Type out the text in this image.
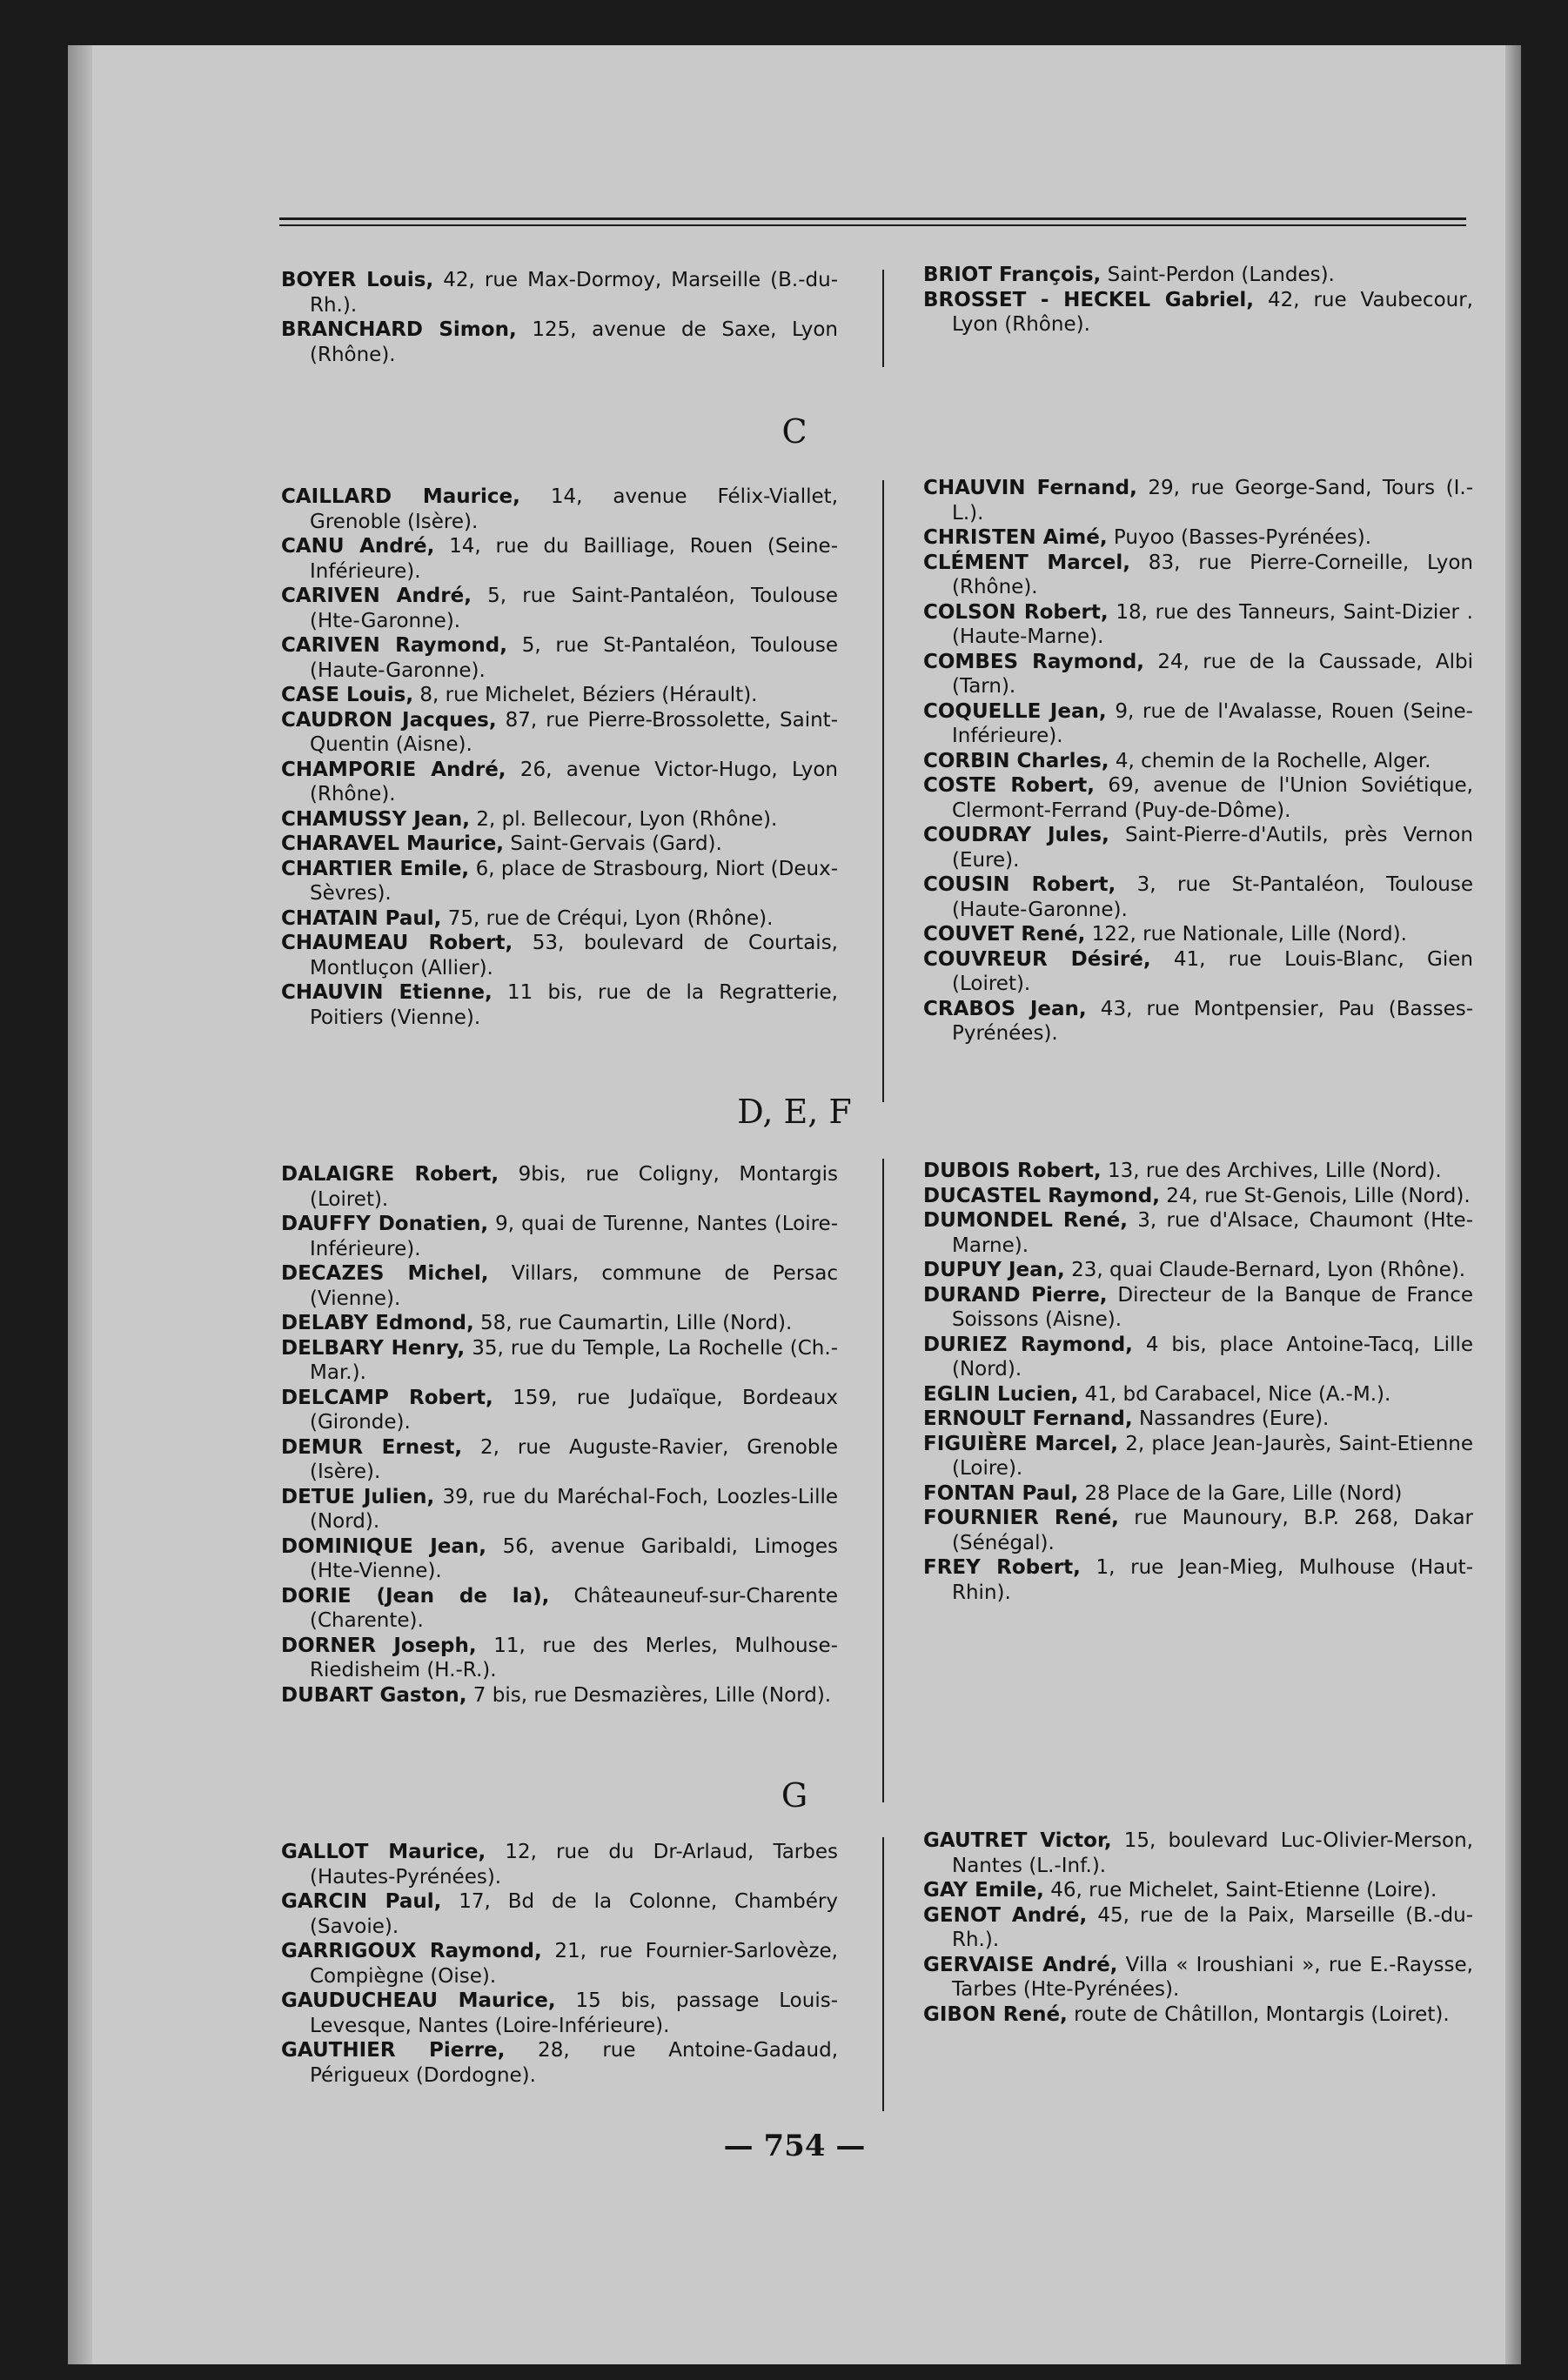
BOYER Louis, 42, rue Max-Dormoy, Marseille (B.-du-Rh.).

BRANCHARD Simon, 125, avenue de Saxe, Lyon (Rhône).

BRIOT François, Saint-Perdon (Landes).

BROSSET - HECKEL Gabriel, 42, rue Vaubecour, Lyon (Rhône).

C

CAILLARD Maurice, 14, avenue Félix-Viallet, Grenoble (Isère).

CANU André, 14, rue du Bailliage, Rouen (Seine-Inférieure).

CARIVEN André, 5, rue Saint-Pantaléon, Toulouse (Hte-Garonne).

CARIVEN Raymond, 5, rue St-Pantaléon, Toulouse (Haute-Garonne).

CASE Louis, 8, rue Michelet, Béziers (Hérault).

CAUDRON Jacques, 87, rue Pierre-Brossolette, Saint-Quentin (Aisne).

CHAMPORIE André, 26, avenue Victor-Hugo, Lyon (Rhône).

CHAMUSSY Jean, 2, pl. Bellecour, Lyon (Rhône).

CHARAVEL Maurice, Saint-Gervais (Gard).

CHARTIER Emile, 6, place de Strasbourg, Niort (Deux-Sèvres).

CHATAIN Paul, 75, rue de Créqui, Lyon (Rhône).

CHAUMEAU Robert, 53, boulevard de Courtais, Montluçon (Allier).

CHAUVIN Etienne, 11 bis, rue de la Regratterie, Poitiers (Vienne).

CHAUVIN Fernand, 29, rue George-Sand, Tours (I.-L.).

CHRISTEN Aimé, Puyoo (Basses-Pyrénées).

CLÉMENT Marcel, 83, rue Pierre-Corneille, Lyon (Rhône).

COLSON Robert, 18, rue des Tanneurs, Saint-Dizier . (Haute-Marne).

COMBES Raymond, 24, rue de la Caussade, Albi (Tarn).

COQUELLE Jean, 9, rue de l'Avalasse, Rouen (Seine-Inférieure).

CORBIN Charles, 4, chemin de la Rochelle, Alger.

COSTE Robert, 69, avenue de l'Union Soviétique, Clermont-Ferrand (Puy-de-Dôme).

COUDRAY Jules, Saint-Pierre-d'Autils, près Vernon (Eure).

COUSIN Robert, 3, rue St-Pantaléon, Toulouse (Haute-Garonne).

COUVET René, 122, rue Nationale, Lille (Nord).

COUVREUR Désiré, 41, rue Louis-Blanc, Gien (Loiret).

CRABOS Jean, 43, rue Montpensier, Pau (Basses-Pyrénées).

D, E, F

DALAIGRE Robert, 9bis, rue Coligny, Montargis (Loiret).

DAUFFY Donatien, 9, quai de Turenne, Nantes (Loire-Inférieure).

DECAZES Michel, Villars, commune de Persac (Vienne).

DELABY Edmond, 58, rue Caumartin, Lille (Nord).

DELBARY Henry, 35, rue du Temple, La Rochelle (Ch.-Mar.).

DELCAMP Robert, 159, rue Judaïque, Bordeaux (Gironde).

DEMUR Ernest, 2, rue Auguste-Ravier, Grenoble (Isère).

DETUE Julien, 39, rue du Maréchal-Foch, Loozles-Lille (Nord).

DOMINIQUE Jean, 56, avenue Garibaldi, Limoges (Hte-Vienne).

DORIE (Jean de la), Châteauneuf-sur-Charente (Charente).

DORNER Joseph, 11, rue des Merles, Mulhouse-Riedisheim (H.-R.).

DUBART Gaston, 7 bis, rue Desmazières, Lille (Nord).

DUBOIS Robert, 13, rue des Archives, Lille (Nord).

DUCASTEL Raymond, 24, rue St-Genois, Lille (Nord).

DUMONDEL René, 3, rue d'Alsace, Chaumont (Hte-Marne).

DUPUY Jean, 23, quai Claude-Bernard, Lyon (Rhône).

DURAND Pierre, Directeur de la Banque de France Soissons (Aisne).

DURIEZ Raymond, 4 bis, place Antoine-Tacq, Lille (Nord).

EGLIN Lucien, 41, bd Carabacel, Nice (A.-M.).

ERNOULT Fernand, Nassandres (Eure).

FIGUIÈRE Marcel, 2, place Jean-Jaurès, Saint-Etienne (Loire).

FONTAN Paul, 28 Place de la Gare, Lille (Nord)

FOURNIER René, rue Maunoury, B.P. 268, Dakar (Sénégal).

FREY Robert, 1, rue Jean-Mieg, Mulhouse (Haut-Rhin).

G

GALLOT Maurice, 12, rue du Dr-Arlaud, Tarbes (Hautes-Pyrénées).

GARCIN Paul, 17, Bd de la Colonne, Chambéry (Savoie).

GARRIGOUX Raymond, 21, rue Fournier-Sarlovèze, Compiègne (Oise).

GAUDUCHEAU Maurice, 15 bis, passage Louis-Levesque, Nantes (Loire-Inférieure).

GAUTHIER Pierre, 28, rue Antoine-Gadaud, Périgueux (Dordogne).

GAUTRET Victor, 15, boulevard Luc-Olivier-Merson, Nantes (L.-Inf.).

GAY Emile, 46, rue Michelet, Saint-Etienne (Loire).

GENOT André, 45, rue de la Paix, Marseille (B.-du-Rh.).

GERVAISE André, Villa « Iroushiani », rue E.-Raysse, Tarbes (Hte-Pyrénées).

GIBON René, route de Châtillon, Montargis (Loiret).

— 754 —
